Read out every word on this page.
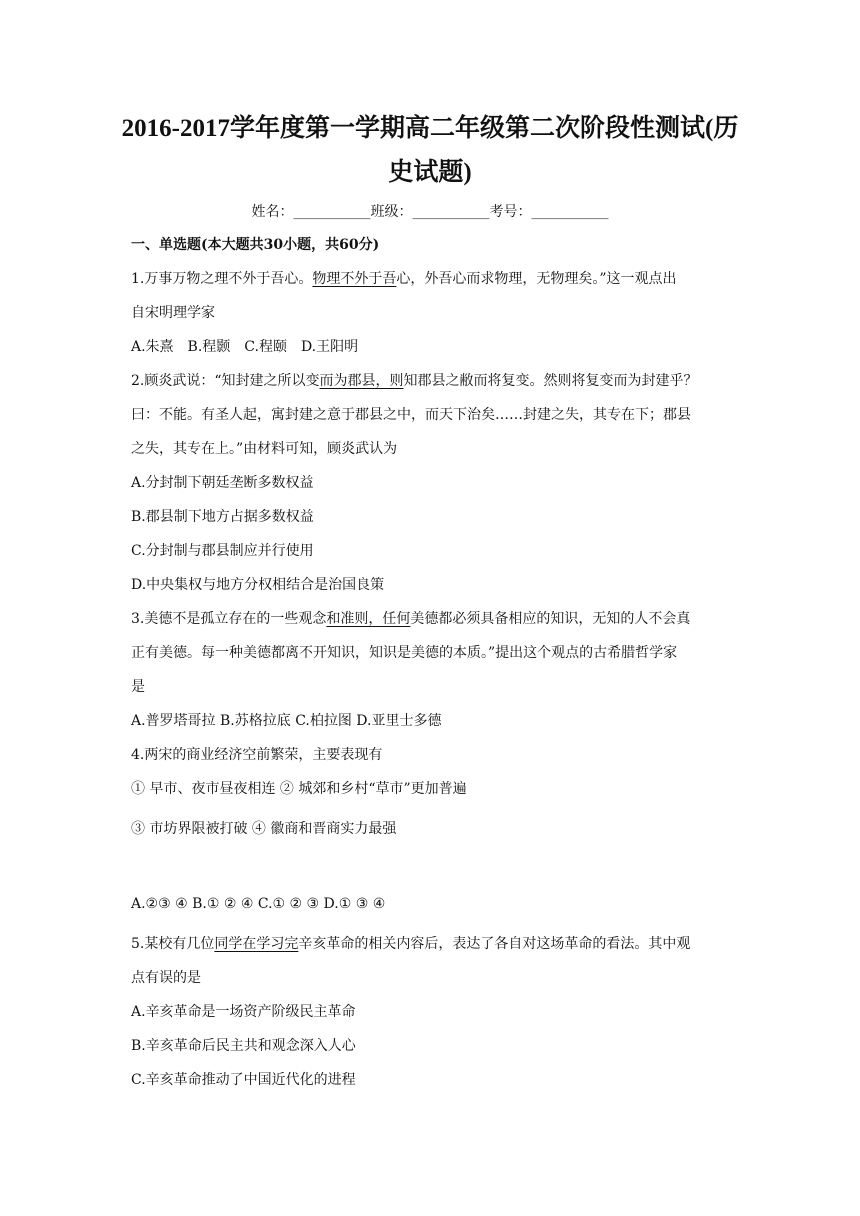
2016-2017学年度第一学期高二年级第二次阶段性测试(历
史试题)
姓名：___________班级：___________考号：___________
一、单选题(本大题共30小题，共60分)
1.万事万物之理不外于吾心。物理不外于吾心，外吾心而求物理，无物理矣。”这一观点出
自宋明理学家
A.朱熹　B.程颢　C.程颐　D.王阳明
2.顾炎武说：“知封建之所以变而为郡县，则知郡县之敝而将复变。然则将复变而为封建乎？
曰：不能。有圣人起，寓封建之意于郡县之中，而天下治矣……封建之失，其专在下；郡县
之失，其专在上。”由材料可知，顾炎武认为
A.分封制下朝廷垄断多数权益
B.郡县制下地方占据多数权益
C.分封制与郡县制应并行使用
D.中央集权与地方分权相结合是治国良策
3.美德不是孤立存在的一些观念和准则，任何美德都必须具备相应的知识，无知的人不会真
正有美德。每一种美德都离不开知识，知识是美德的本质。”提出这个观点的古希腊哲学家
是
A.普罗塔哥拉 B.苏格拉底 C.柏拉图 D.亚里士多德
4.两宋的商业经济空前繁荣，主要表现有
① 早市、夜市昼夜相连 ② 城郊和乡村“草市”更加普遍
③ 市坊界限被打破 ④ 徽商和晋商实力最强
A.②③ ④ B.① ② ④ C.① ② ③ D.① ③ ④
5.某校有几位同学在学习完辛亥革命的相关内容后，表达了各自对这场革命的看法。其中观
点有误的是
A.辛亥革命是一场资产阶级民主革命
B.辛亥革命后民主共和观念深入人心
C.辛亥革命推动了中国近代化的进程
